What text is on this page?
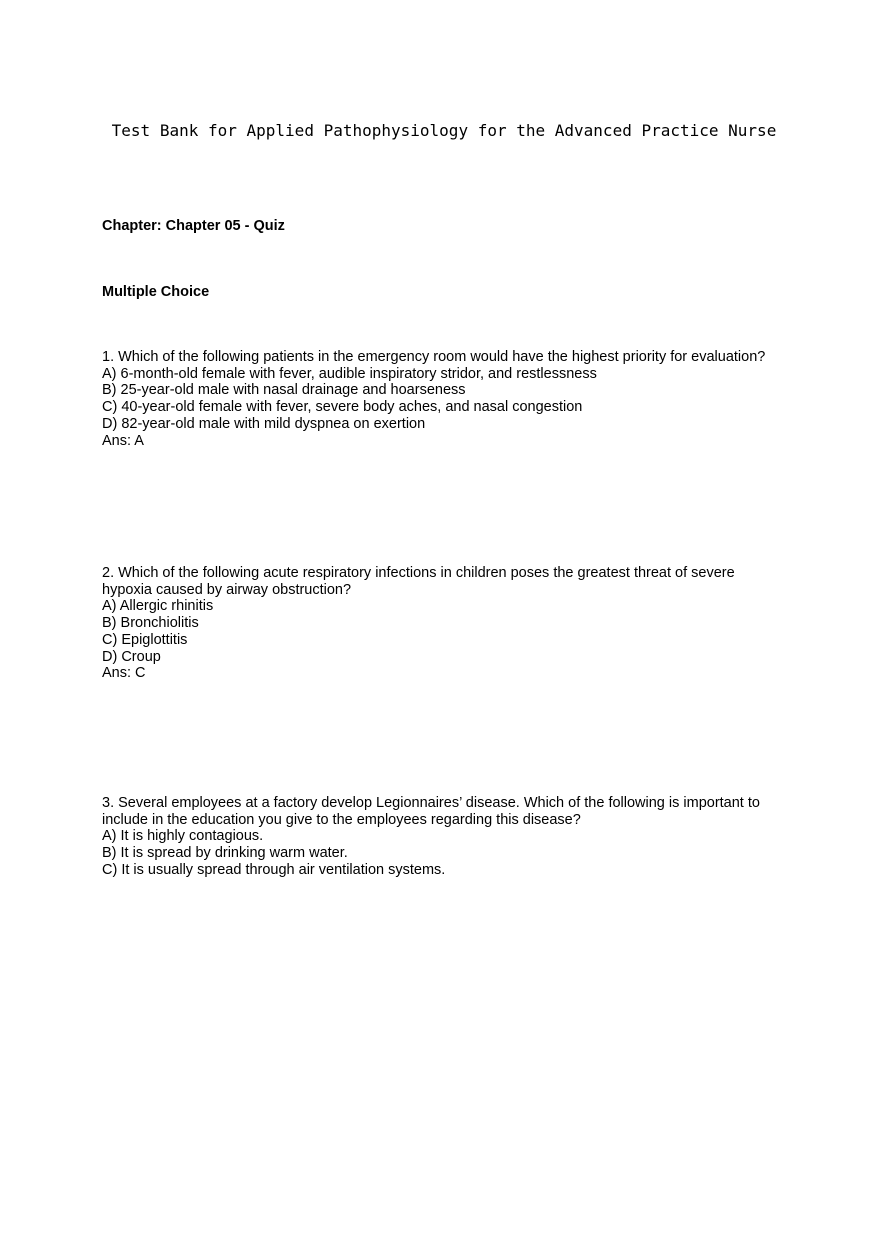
Test Bank for Applied Pathophysiology for the Advanced Practice Nurse
Chapter: Chapter 05 - Quiz
Multiple Choice
1. Which of the following patients in the emergency room would have the highest priority for evaluation?
A) 6-month-old female with fever, audible inspiratory stridor, and restlessness
B) 25-year-old male with nasal drainage and hoarseness
C) 40-year-old female with fever, severe body aches, and nasal congestion
D) 82-year-old male with mild dyspnea on exertion
Ans: A
2. Which of the following acute respiratory infections in children poses the greatest threat of severe
hypoxia caused by airway obstruction?
A) Allergic rhinitis
B) Bronchiolitis
C) Epiglottitis
D) Croup
Ans: C
3. Several employees at a factory develop Legionnaires’ disease. Which of the following is important to
include in the education you give to the employees regarding this disease?
A) It is highly contagious.
B) It is spread by drinking warm water.
C) It is usually spread through air ventilation systems.
